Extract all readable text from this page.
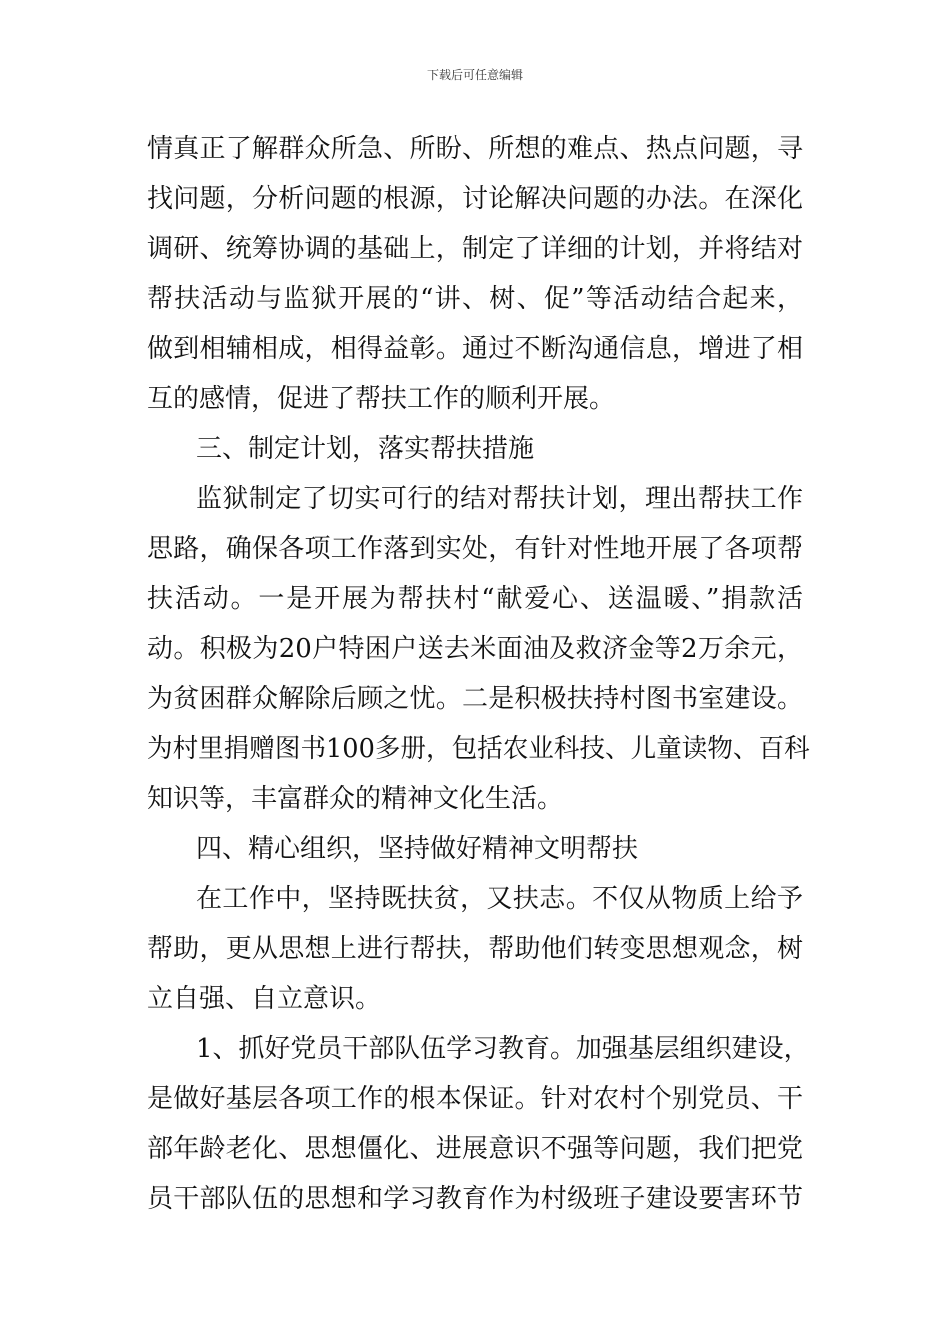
下载后可任意编辑
情真正了解群众所急、所盼、所想的难点、热点问题，寻
找问题，分析问题的根源，讨论解决问题的办法。在深化
调研、统筹协调的基础上，制定了详细的计划，并将结对
帮扶活动与监狱开展的“讲、树、促”等活动结合起来，
做到相辅相成，相得益彰。通过不断沟通信息，增进了相
互的感情，促进了帮扶工作的顺利开展。
三、制定计划，落实帮扶措施
监狱制定了切实可行的结对帮扶计划，理出帮扶工作
思路，确保各项工作落到实处，有针对性地开展了各项帮
扶活动。一是开展为帮扶村“献爱心、送温暖、”捐款活
动。积极为20户特困户送去米面油及救济金等2万余元，
为贫困群众解除后顾之忧。二是积极扶持村图书室建设。
为村里捐赠图书100多册，包括农业科技、儿童读物、百科
知识等，丰富群众的精神文化生活。
四、精心组织，坚持做好精神文明帮扶
在工作中，坚持既扶贫，又扶志。不仅从物质上给予
帮助，更从思想上进行帮扶，帮助他们转变思想观念，树
立自强、自立意识。
1、抓好党员干部队伍学习教育。加强基层组织建设，
是做好基层各项工作的根本保证。针对农村个别党员、干
部年龄老化、思想僵化、进展意识不强等问题，我们把党
员干部队伍的思想和学习教育作为村级班子建设要害环节
